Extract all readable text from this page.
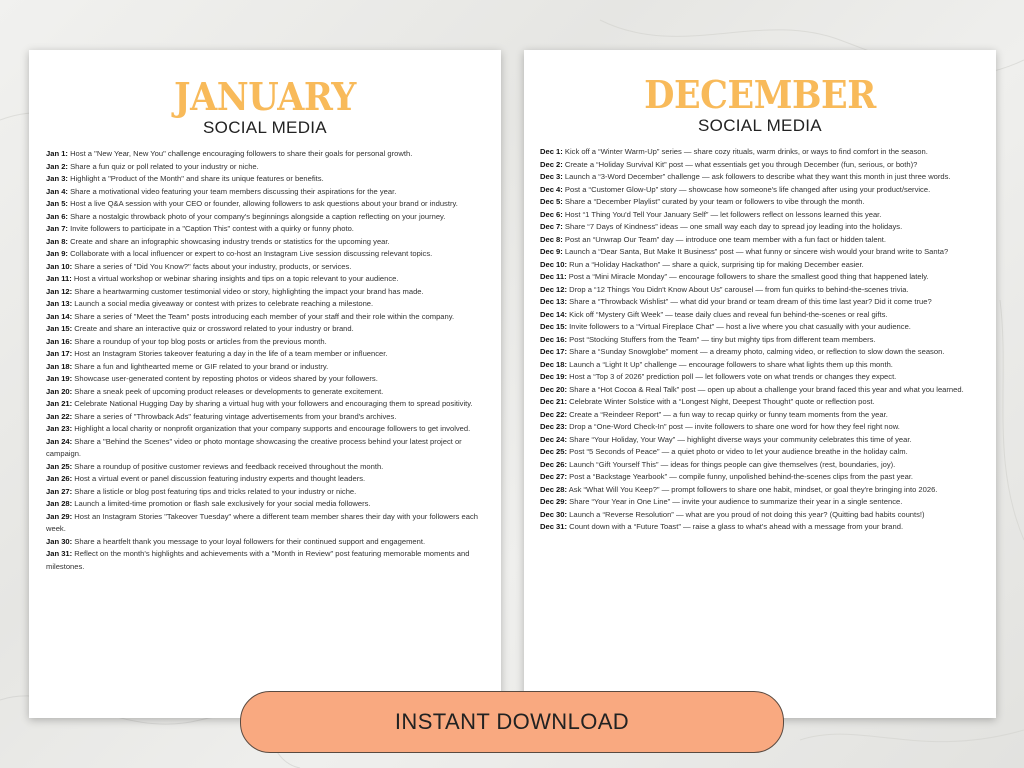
JANUARY
SOCIAL MEDIA

Jan 1: Host a "New Year, New You" challenge encouraging followers to share their goals for personal growth.

Jan 2: Share a fun quiz or poll related to your industry or niche.

Jan 3: Highlight a "Product of the Month" and share its unique features or benefits.

Jan 4: Share a motivational video featuring your team members discussing their aspirations for the year.

Jan 5: Host a live Q&A session with your CEO or founder, allowing followers to ask questions about your brand or industry.

Jan 6: Share a nostalgic throwback photo of your company's beginnings alongside a caption reflecting on your journey.

Jan 7: Invite followers to participate in a "Caption This" contest with a quirky or funny photo.

Jan 8: Create and share an infographic showcasing industry trends or statistics for the upcoming year.

Jan 9: Collaborate with a local influencer or expert to co-host an Instagram Live session discussing relevant topics.

Jan 10: Share a series of "Did You Know?" facts about your industry, products, or services.

Jan 11: Host a virtual workshop or webinar sharing insights and tips on a topic relevant to your audience.

Jan 12: Share a heartwarming customer testimonial video or story, highlighting the impact your brand has made.

Jan 13: Launch a social media giveaway or contest with prizes to celebrate reaching a milestone.

Jan 14: Share a series of "Meet the Team" posts introducing each member of your staff and their role within the company.

Jan 15: Create and share an interactive quiz or crossword related to your industry or brand.

Jan 16: Share a roundup of your top blog posts or articles from the previous month.

Jan 17: Host an Instagram Stories takeover featuring a day in the life of a team member or influencer.

Jan 18: Share a fun and lighthearted meme or GIF related to your brand or industry.

Jan 19: Showcase user-generated content by reposting photos or videos shared by your followers.

Jan 20: Share a sneak peek of upcoming product releases or developments to generate excitement.

Jan 21: Celebrate National Hugging Day by sharing a virtual hug with your followers and encouraging them to spread positivity.

Jan 22: Share a series of "Throwback Ads" featuring vintage advertisements from your brand's archives.

Jan 23: Highlight a local charity or nonprofit organization that your company supports and encourage followers to get involved.

Jan 24: Share a "Behind the Scenes" video or photo montage showcasing the creative process behind your latest project or campaign.

Jan 25: Share a roundup of positive customer reviews and feedback received throughout the month.

Jan 26: Host a virtual event or panel discussion featuring industry experts and thought leaders.

Jan 27: Share a listicle or blog post featuring tips and tricks related to your industry or niche.

Jan 28: Launch a limited-time promotion or flash sale exclusively for your social media followers.

Jan 29: Host an Instagram Stories "Takeover Tuesday" where a different team member shares their day with your followers each week.

Jan 30: Share a heartfelt thank you message to your loyal followers for their continued support and engagement.

Jan 31: Reflect on the month's highlights and achievements with a "Month in Review" post featuring memorable moments and milestones.

DECEMBER
SOCIAL MEDIA

Dec 1: Kick off a “Winter Warm-Up” series — share cozy rituals, warm drinks, or ways to find comfort in the season.

Dec 2: Create a “Holiday Survival Kit” post — what essentials get you through December (fun, serious, or both)?

Dec 3: Launch a “3-Word December” challenge — ask followers to describe what they want this month in just three words.

Dec 4: Post a “Customer Glow-Up” story — showcase how someone's life changed after using your product/service.

Dec 5: Share a “December Playlist” curated by your team or followers to vibe through the month.

Dec 6: Host “1 Thing You'd Tell Your January Self” — let followers reflect on lessons learned this year.

Dec 7: Share “7 Days of Kindness” ideas — one small way each day to spread joy leading into the holidays.

Dec 8: Post an “Unwrap Our Team” day — introduce one team member with a fun fact or hidden talent.

Dec 9: Launch a “Dear Santa, But Make It Business” post — what funny or sincere wish would your brand write to Santa?

Dec 10: Run a “Holiday Hackathon” — share a quick, surprising tip for making December easier.

Dec 11: Post a “Mini Miracle Monday” — encourage followers to share the smallest good thing that happened lately.

Dec 12: Drop a “12 Things You Didn't Know About Us” carousel — from fun quirks to behind-the-scenes trivia.

Dec 13: Share a “Throwback Wishlist” — what did your brand or team dream of this time last year? Did it come true?

Dec 14: Kick off “Mystery Gift Week” — tease daily clues and reveal fun behind-the-scenes or real gifts.

Dec 15: Invite followers to a “Virtual Fireplace Chat” — host a live where you chat casually with your audience.

Dec 16: Post “Stocking Stuffers from the Team” — tiny but mighty tips from different team members.

Dec 17: Share a “Sunday Snowglobe” moment — a dreamy photo, calming video, or reflection to slow down the season.

Dec 18: Launch a “Light It Up” challenge — encourage followers to share what lights them up this month.

Dec 19: Host a “Top 3 of 2026” prediction poll — let followers vote on what trends or changes they expect.

Dec 20: Share a “Hot Cocoa & Real Talk” post — open up about a challenge your brand faced this year and what you learned.

Dec 21: Celebrate Winter Solstice with a “Longest Night, Deepest Thought” quote or reflection post.

Dec 22: Create a “Reindeer Report” — a fun way to recap quirky or funny team moments from the year.

Dec 23: Drop a “One-Word Check-In” post — invite followers to share one word for how they feel right now.

Dec 24: Share “Your Holiday, Your Way” — highlight diverse ways your community celebrates this time of year.

Dec 25: Post “5 Seconds of Peace” — a quiet photo or video to let your audience breathe in the holiday calm.

Dec 26: Launch “Gift Yourself This” — ideas for things people can give themselves (rest, boundaries, joy).

Dec 27: Post a “Backstage Yearbook” — compile funny, unpolished behind-the-scenes clips from the past year.

Dec 28: Ask “What Will You Keep?” — prompt followers to share one habit, mindset, or goal they're bringing into 2026.

Dec 29: Share “Your Year in One Line” — invite your audience to summarize their year in a single sentence.

Dec 30: Launch a “Reverse Resolution” — what are you proud of not doing this year? (Quitting bad habits counts!)

Dec 31: Count down with a “Future Toast” — raise a glass to what's ahead with a message from your brand.

INSTANT DOWNLOAD
